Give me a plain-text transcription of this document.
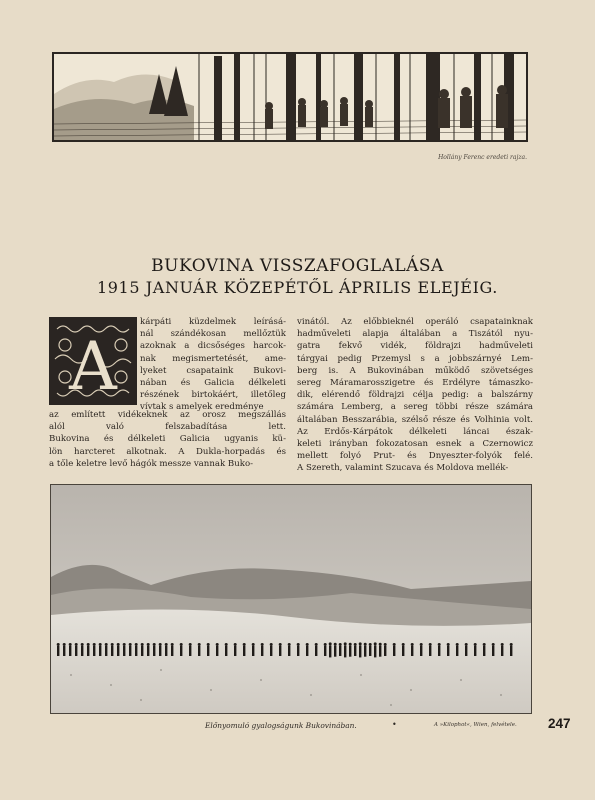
Hollány Ferenc eredeti rajza.
BUKOVINA VISSZAFOGLALÁSA
1915 JANUÁR KÖZEPÉTŐL ÁPRILIS ELEJÉIG.
A
kárpáti küzdelmek leírásá-
nál szándékosan mellőztük
azoknak a dicsőséges harcok-
nak megismertetését, ame-
lyeket csapataink Bukovi-
nában és Galicia délkeleti
részének birtokáért, illetőleg
vívtak s amelyek eredménye
az említett vidékeknek az orosz megszállás
alól való felszabadítása lett.
Bukovina és délkeleti Galicia ugyanis kü-
lön harcteret alkotnak. A Dukla-horpadás és
a tőle keletre levő hágók messze vannak Buko-
vinától. Az előbbieknél operáló csapatainknak
hadműveleti alapja általában a Tiszától nyu-
gatra fekvő vidék, földrajzi hadműveleti
tárgyai pedig Przemysl s a jobbszárnyé Lem-
berg is. A Bukovinában működő szövetséges
sereg Máramarosszigetre és Erdélyre támaszko-
dik, elérendő földrajzi célja pedig: a balszárny
számára Lemberg, a sereg többi része számára
általában Besszarábia, szélső része és Volhinia volt.
Az Erdős-Kárpátok délkeleti láncai észak-
keleti irányban fokozatosan esnek a Czernowicz
mellett folyó Prut- és Dnyeszter-folyók felé.
A Szereth, valamint Szucava és Moldova mellék-
Előnyomuló gyalogságunk Bukovinában.	•	A »Kilophot«, Wien, felvétele. 247
